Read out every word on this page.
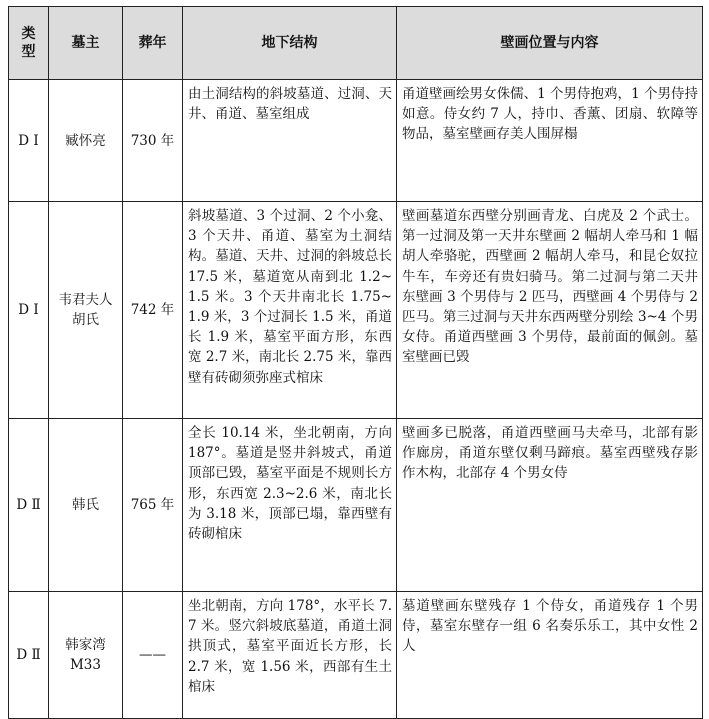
类型	墓主	葬年	地下结构	壁画位置与内容
D Ⅰ	臧怀亮	730 年	由土洞结构的斜坡墓道、过洞、天井、甬道、墓室组成	甬道壁画绘男女侏儒、1 个男侍抱鸡，1 个男侍持如意。侍女约 7 人，持巾、香薰、团扇、软障等物品，墓室壁画存美人围屏榻
D Ⅰ	韦君夫人胡氏	742 年	斜坡墓道、3 个过洞、2 个小龛、3 个天井、甬道、墓室为土洞结构。墓道、天井、过洞的斜坡总长 17.5 米，墓道宽从南到北 1.2~1.5 米。3 个天井南北长 1.75~1.9 米，3 个过洞长 1.5 米，甬道长 1.9 米，墓室平面方形，东西宽 2.7 米，南北长 2.75 米，靠西壁有砖砌须弥座式棺床	壁画墓道东西壁分别画青龙、白虎及 2 个武士。第一过洞及第一天井东壁画 2 幅胡人牵马和 1 幅胡人牵骆驼，西壁画 2 幅胡人牵马，和昆仑奴拉牛车，车旁还有贵妇骑马。第二过洞与第二天井东壁画 3 个男侍与 2 匹马，西壁画 4 个男侍与 2 匹马。第三过洞与天井东西两壁分别绘 3~4 个男女侍。甬道西壁画 3 个男侍，最前面的佩剑。墓室壁画已毁
D Ⅱ	韩氏	765 年	全长 10.14 米，坐北朝南，方向 187°。墓道是竖井斜坡式，甬道顶部已毁，墓室平面是不规则长方形，东西宽 2.3~2.6 米，南北长为 3.18 米，顶部已塌，靠西壁有砖砌棺床	壁画多已脱落，甬道西壁画马夫牵马，北部有影作廊房，甬道东壁仅剩马蹄痕。墓室西壁残存影作木构，北部存 4 个男女侍
D Ⅱ	韩家湾 M33	——	坐北朝南，方向 178°，水平长 7.7 米。竖穴斜坡底墓道，甬道土洞拱顶式，墓室平面近长方形，长 2.7 米，宽 1.56 米，西部有生土棺床	墓道壁画东壁残存 1 个侍女，甬道残存 1 个男侍，墓室东壁存一组 6 名奏乐乐工，其中女性 2 人
